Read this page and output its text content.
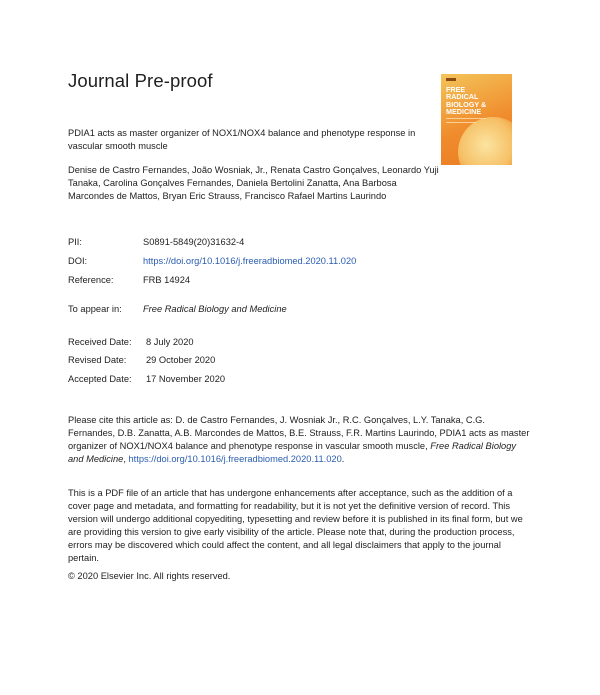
Journal Pre-proof	FREE
RADICAL
BIOLOGY &
MEDICINE
PDIA1 acts as master organizer of NOX1/NOX4 balance and phenotype response in vascular smooth muscle
Denise de Castro Fernandes, João Wosniak, Jr., Renata Castro Gonçalves, Leonardo Yuji Tanaka, Carolina Gonçalves Fernandes, Daniela Bertolini Zanatta, Ana Barbosa Marcondes de Mattos, Bryan Eric Strauss, Francisco Rafael Martins Laurindo
PII:	S0891-5849(20)31632-4
DOI:	https://doi.org/10.1016/j.freeradbiomed.2020.11.020
Reference:	FRB 14924
To appear in: Free Radical Biology and Medicine
Received Date: 8 July 2020
Revised Date: 29 October 2020
Accepted Date: 17 November 2020
Please cite this article as: D. de Castro Fernandes, J. Wosniak Jr., R.C. Gonçalves, L.Y. Tanaka, C.G. Fernandes, D.B. Zanatta, A.B. Marcondes de Mattos, B.E. Strauss, F.R. Martins Laurindo, PDIA1 acts as master organizer of NOX1/NOX4 balance and phenotype response in vascular smooth muscle, Free Radical Biology and Medicine, https://doi.org/10.1016/j.freeradbiomed.2020.11.020.
This is a PDF file of an article that has undergone enhancements after acceptance, such as the addition of a cover page and metadata, and formatting for readability, but it is not yet the definitive version of record. This version will undergo additional copyediting, typesetting and review before it is published in its final form, but we are providing this version to give early visibility of the article. Please note that, during the production process, errors may be discovered which could affect the content, and all legal disclaimers that apply to the journal pertain.
© 2020 Elsevier Inc. All rights reserved.
